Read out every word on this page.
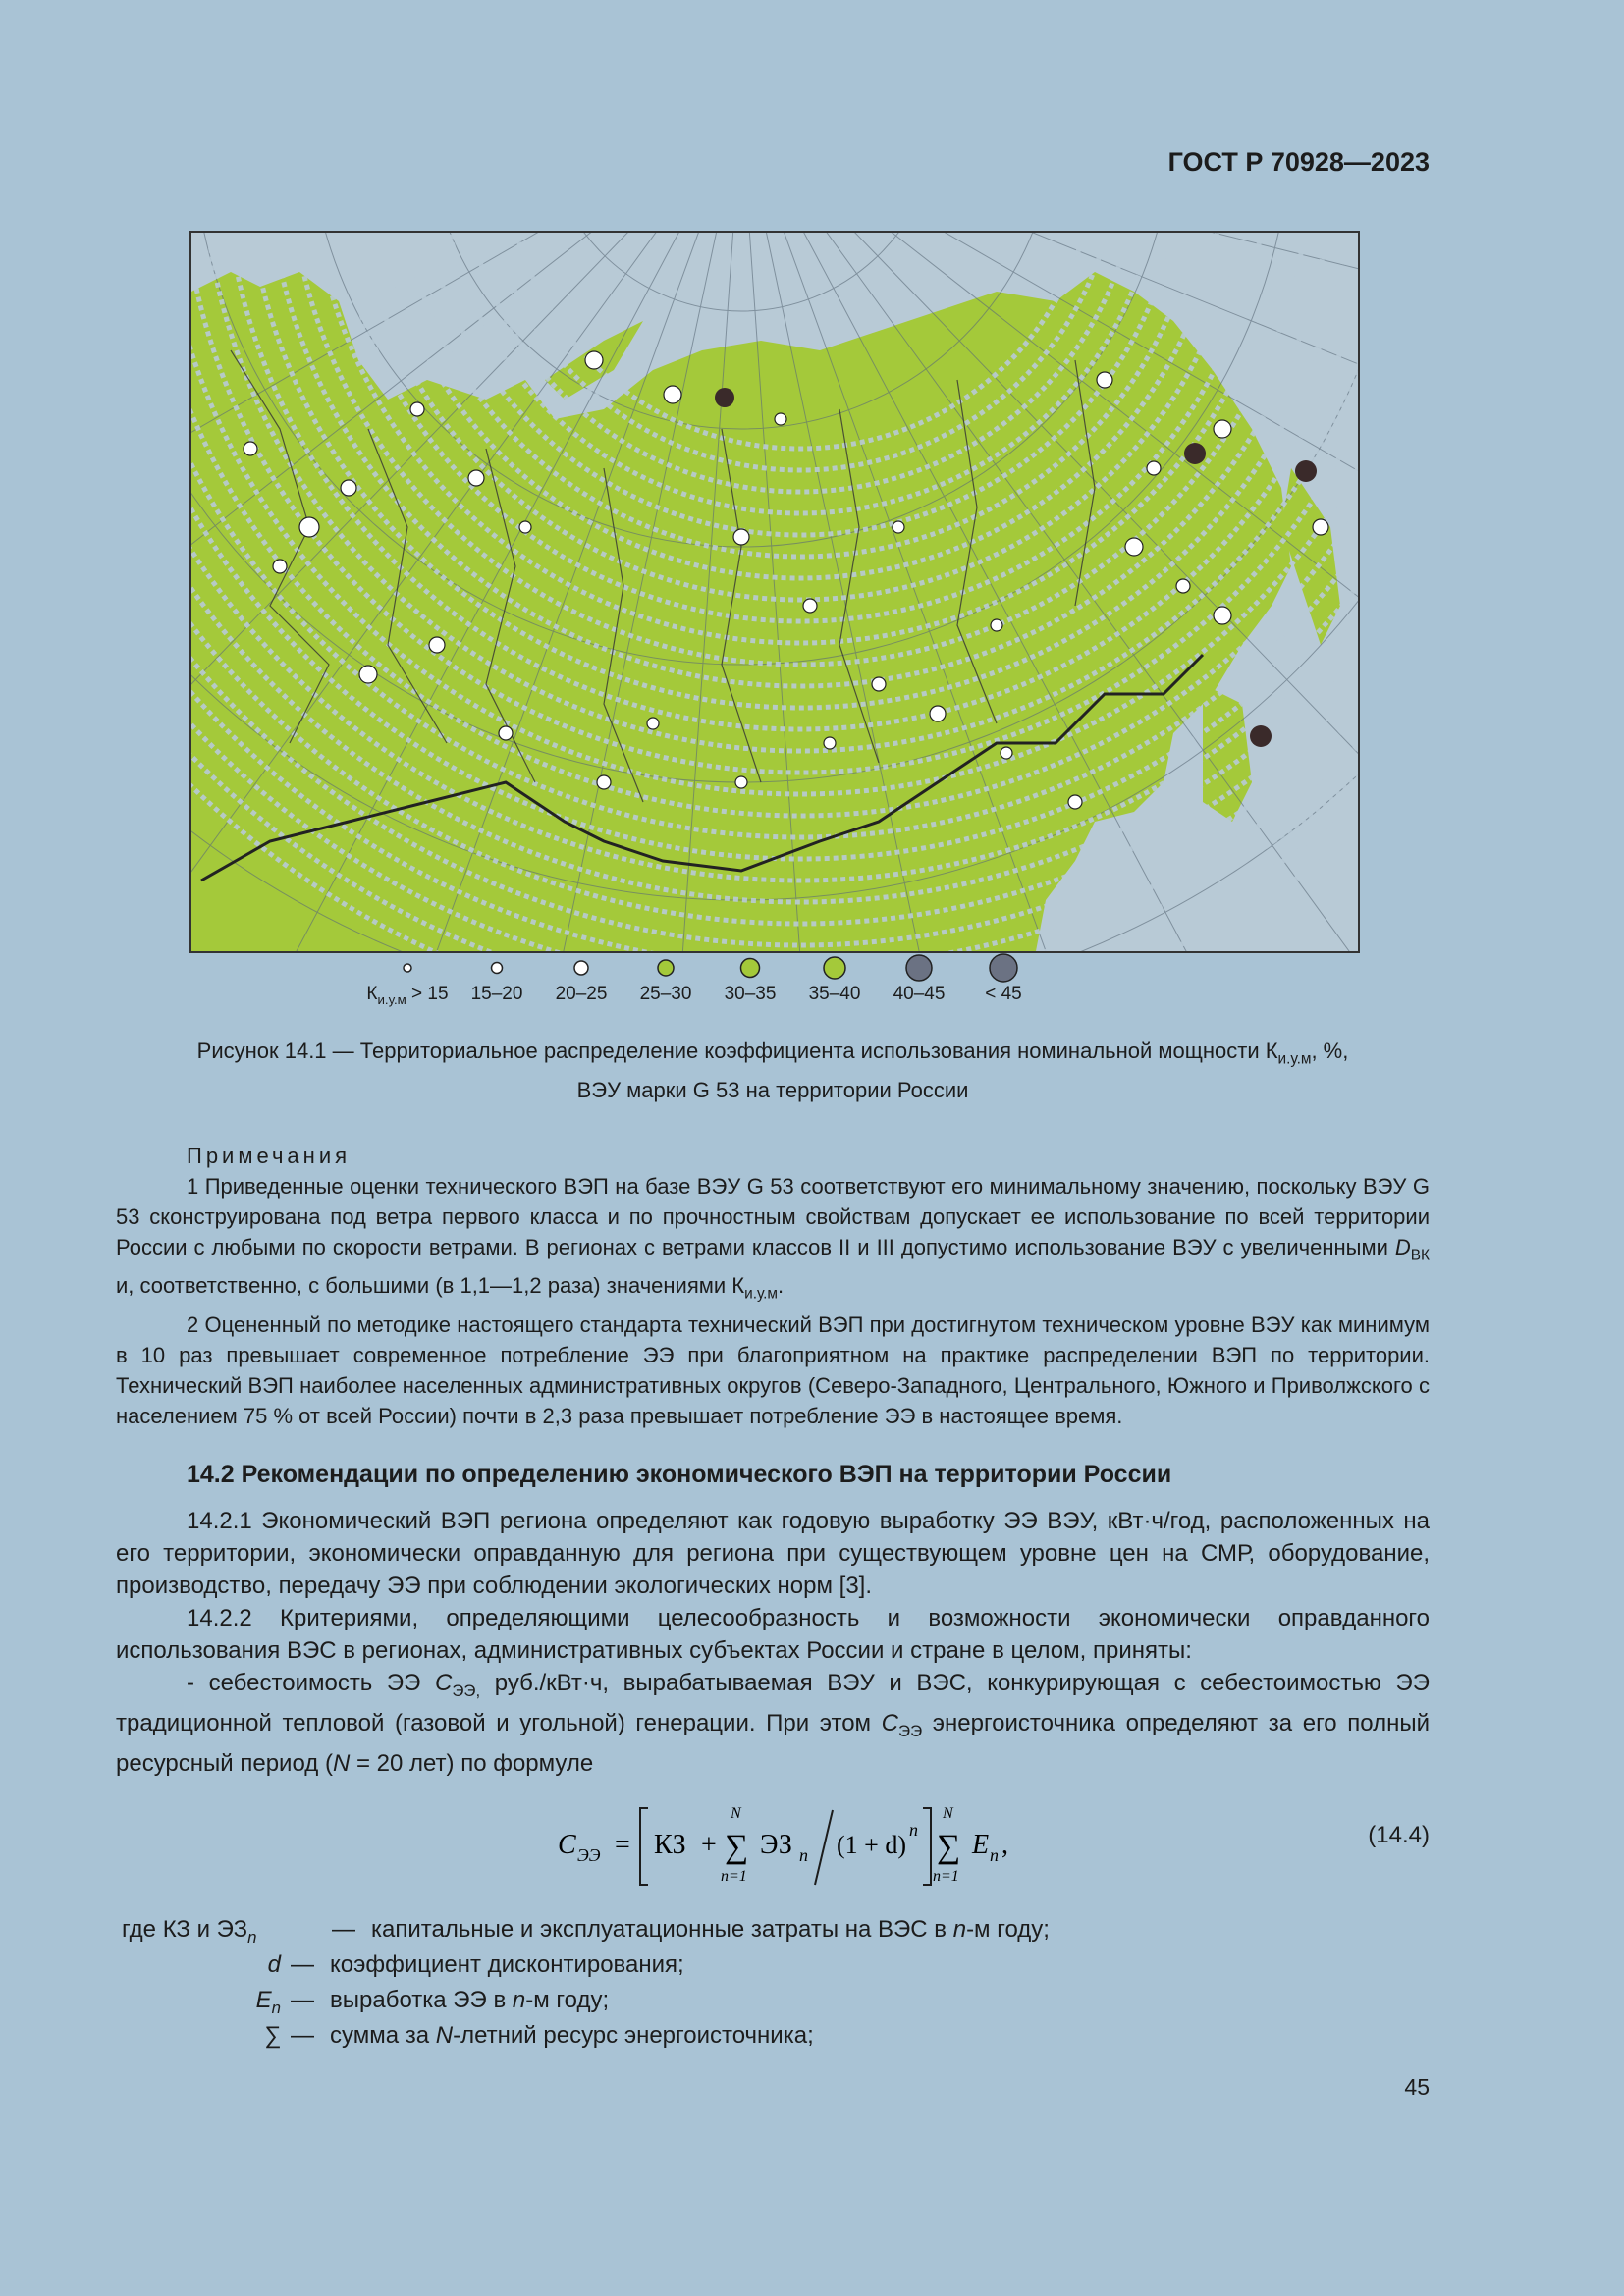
ГОСТ Р 70928—2023
$К_{и.у.м} > 15$	15–20	20–25	25–30	30–35	35–40	40–45	< 45
Рисунок 14.1 — Территориальное распределение коэффициента использования номинальной мощности $К_{и.у.м}$, %,
ВЭУ марки G 53 на территории России

Примечания

1 Приведенные оценки технического ВЭП на базе ВЭУ G 53 соответствуют его минимальному значению, поскольку ВЭУ G 53 сконструирована под ветра первого класса и по прочностным свойствам допускает ее использование по всей территории России с любыми по скорости ветрами. В регионах с ветрами классов II и III допустимо использование ВЭУ с увеличенными $D_{ВК}$ и, соответственно, с большими (в 1,1—1,2 раза) значениями $К_{и.у.м}$.

2 Оцененный по методике настоящего стандарта технический ВЭП при достигнутом техническом уровне ВЭУ как минимум в 10 раз превышает современное потребление ЭЭ при благоприятном на практике распределении ВЭП по территории. Технический ВЭП наиболее населенных административных округов (Северо-Западного, Центрального, Южного и Приволжского с населением 75 % от всей России) почти в 2,3 раза превышает потребление ЭЭ в настоящее время.

14.2 Рекомендации по определению экономического ВЭП на территории России

14.2.1 Экономический ВЭП региона определяют как годовую выработку ЭЭ ВЭУ, кВт·ч/год, расположенных на его территории, экономически оправданную для региона при существующем уровне цен на СМР, оборудование, производство, передачу ЭЭ при соблюдении экологических норм [3].

14.2.2 Критериями, определяющими целесообразность и возможности экономически оправданного использования ВЭС в регионах, административных субъектах России и стране в целом, приняты:

- себестоимость ЭЭ $С_{ЭЭ,}$ руб./кВт·ч, вырабатываемая ВЭУ и ВЭС, конкурирующая с себестоимостью ЭЭ традиционной тепловой (газовой и угольной) генерации. При этом $С_{ЭЭ}$ энергоисточника определяют за его полный ресурсный период (N = 20 лет) по формуле

С ЭЭ = КЗ +
N
∑
n=1
ЭЗ n (1 + d)
n
N
∑
n=1
E n ,	(14.4)
где КЗ и $ЭЗ_n$	— капитальные и эксплуатационные затраты на ВЭС в n-м году;
d — коэффициент дисконтирования;
$E_n$ — выработка ЭЭ в n-м году;
∑ — сумма за N-летний ресурс энергоисточника;
45
